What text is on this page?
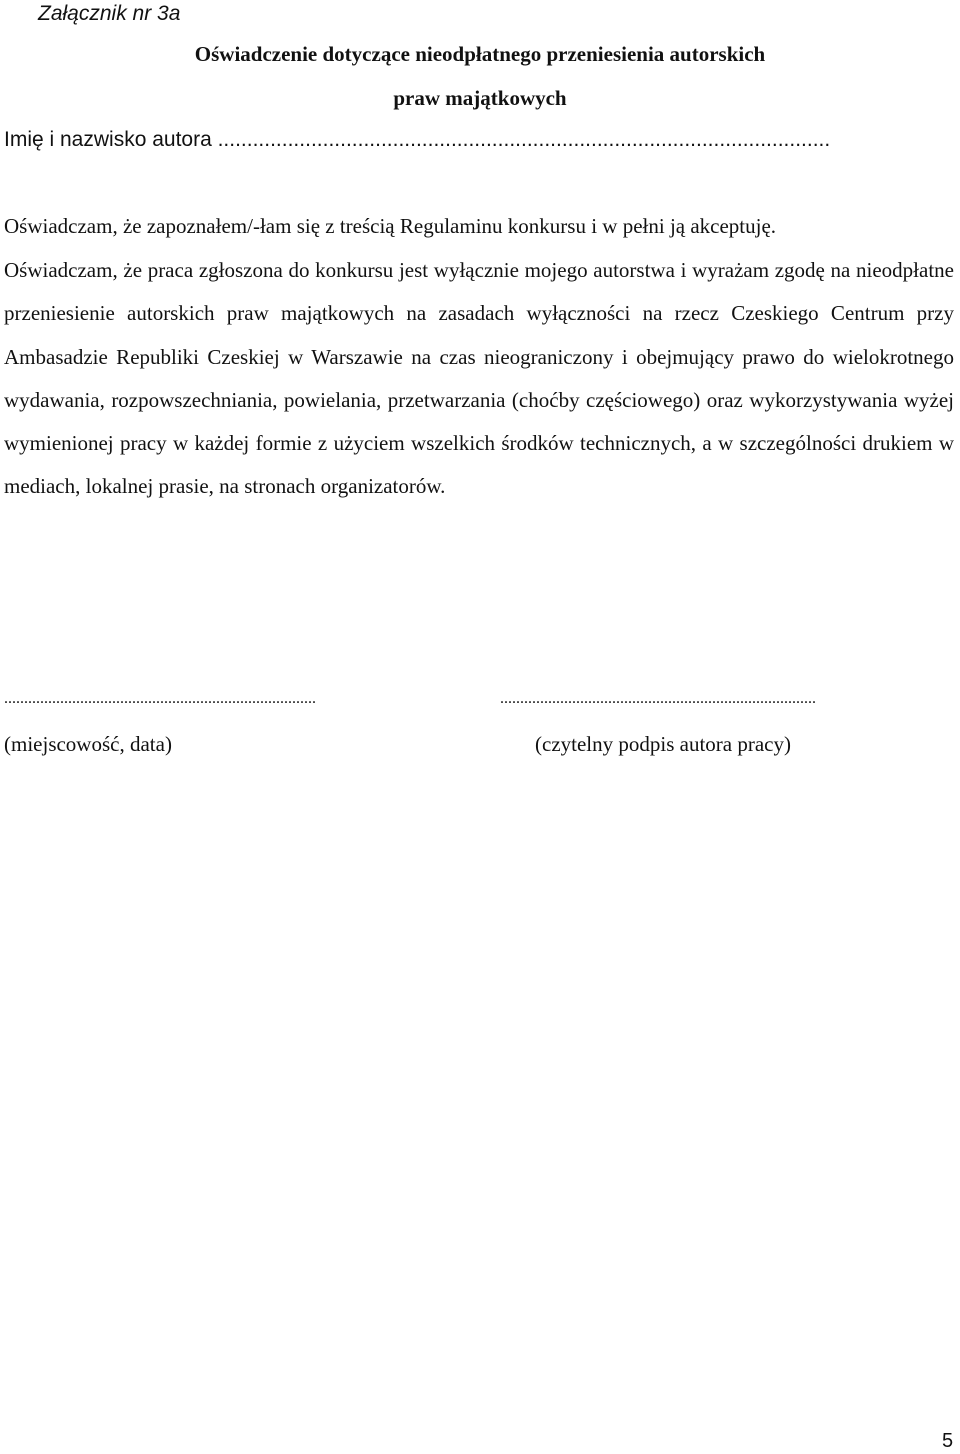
Załącznik nr 3a
Oświadczenie dotyczące nieodpłatnego przeniesienia autorskich
praw majątkowych
Imię i nazwisko autora .........................................................................................................
Oświadczam, że zapoznałem/-łam się z treścią Regulaminu konkursu i w pełni ją akceptuję.

Oświadczam, że praca zgłoszona do konkursu jest wyłącznie mojego autorstwa i wyrażam zgodę na nieodpłatne przeniesienie autorskich praw majątkowych na zasadach wyłączności na rzecz Czeskiego Centrum przy Ambasadzie Republiki Czeskiej w Warszawie na czas nieograniczony i obejmujący prawo do wielokrotnego wydawania, rozpowszechniania, powielania, przetwarzania (choćby częściowego) oraz wykorzystywania wyżej wymienionej pracy w każdej formie z użyciem wszelkich środków technicznych, a w szczególności drukiem w mediach, lokalnej prasie, na stronach organizatorów.

..............................................................................	...............................................................................
(miejscowość, data)	(czytelny podpis autora pracy)
5
